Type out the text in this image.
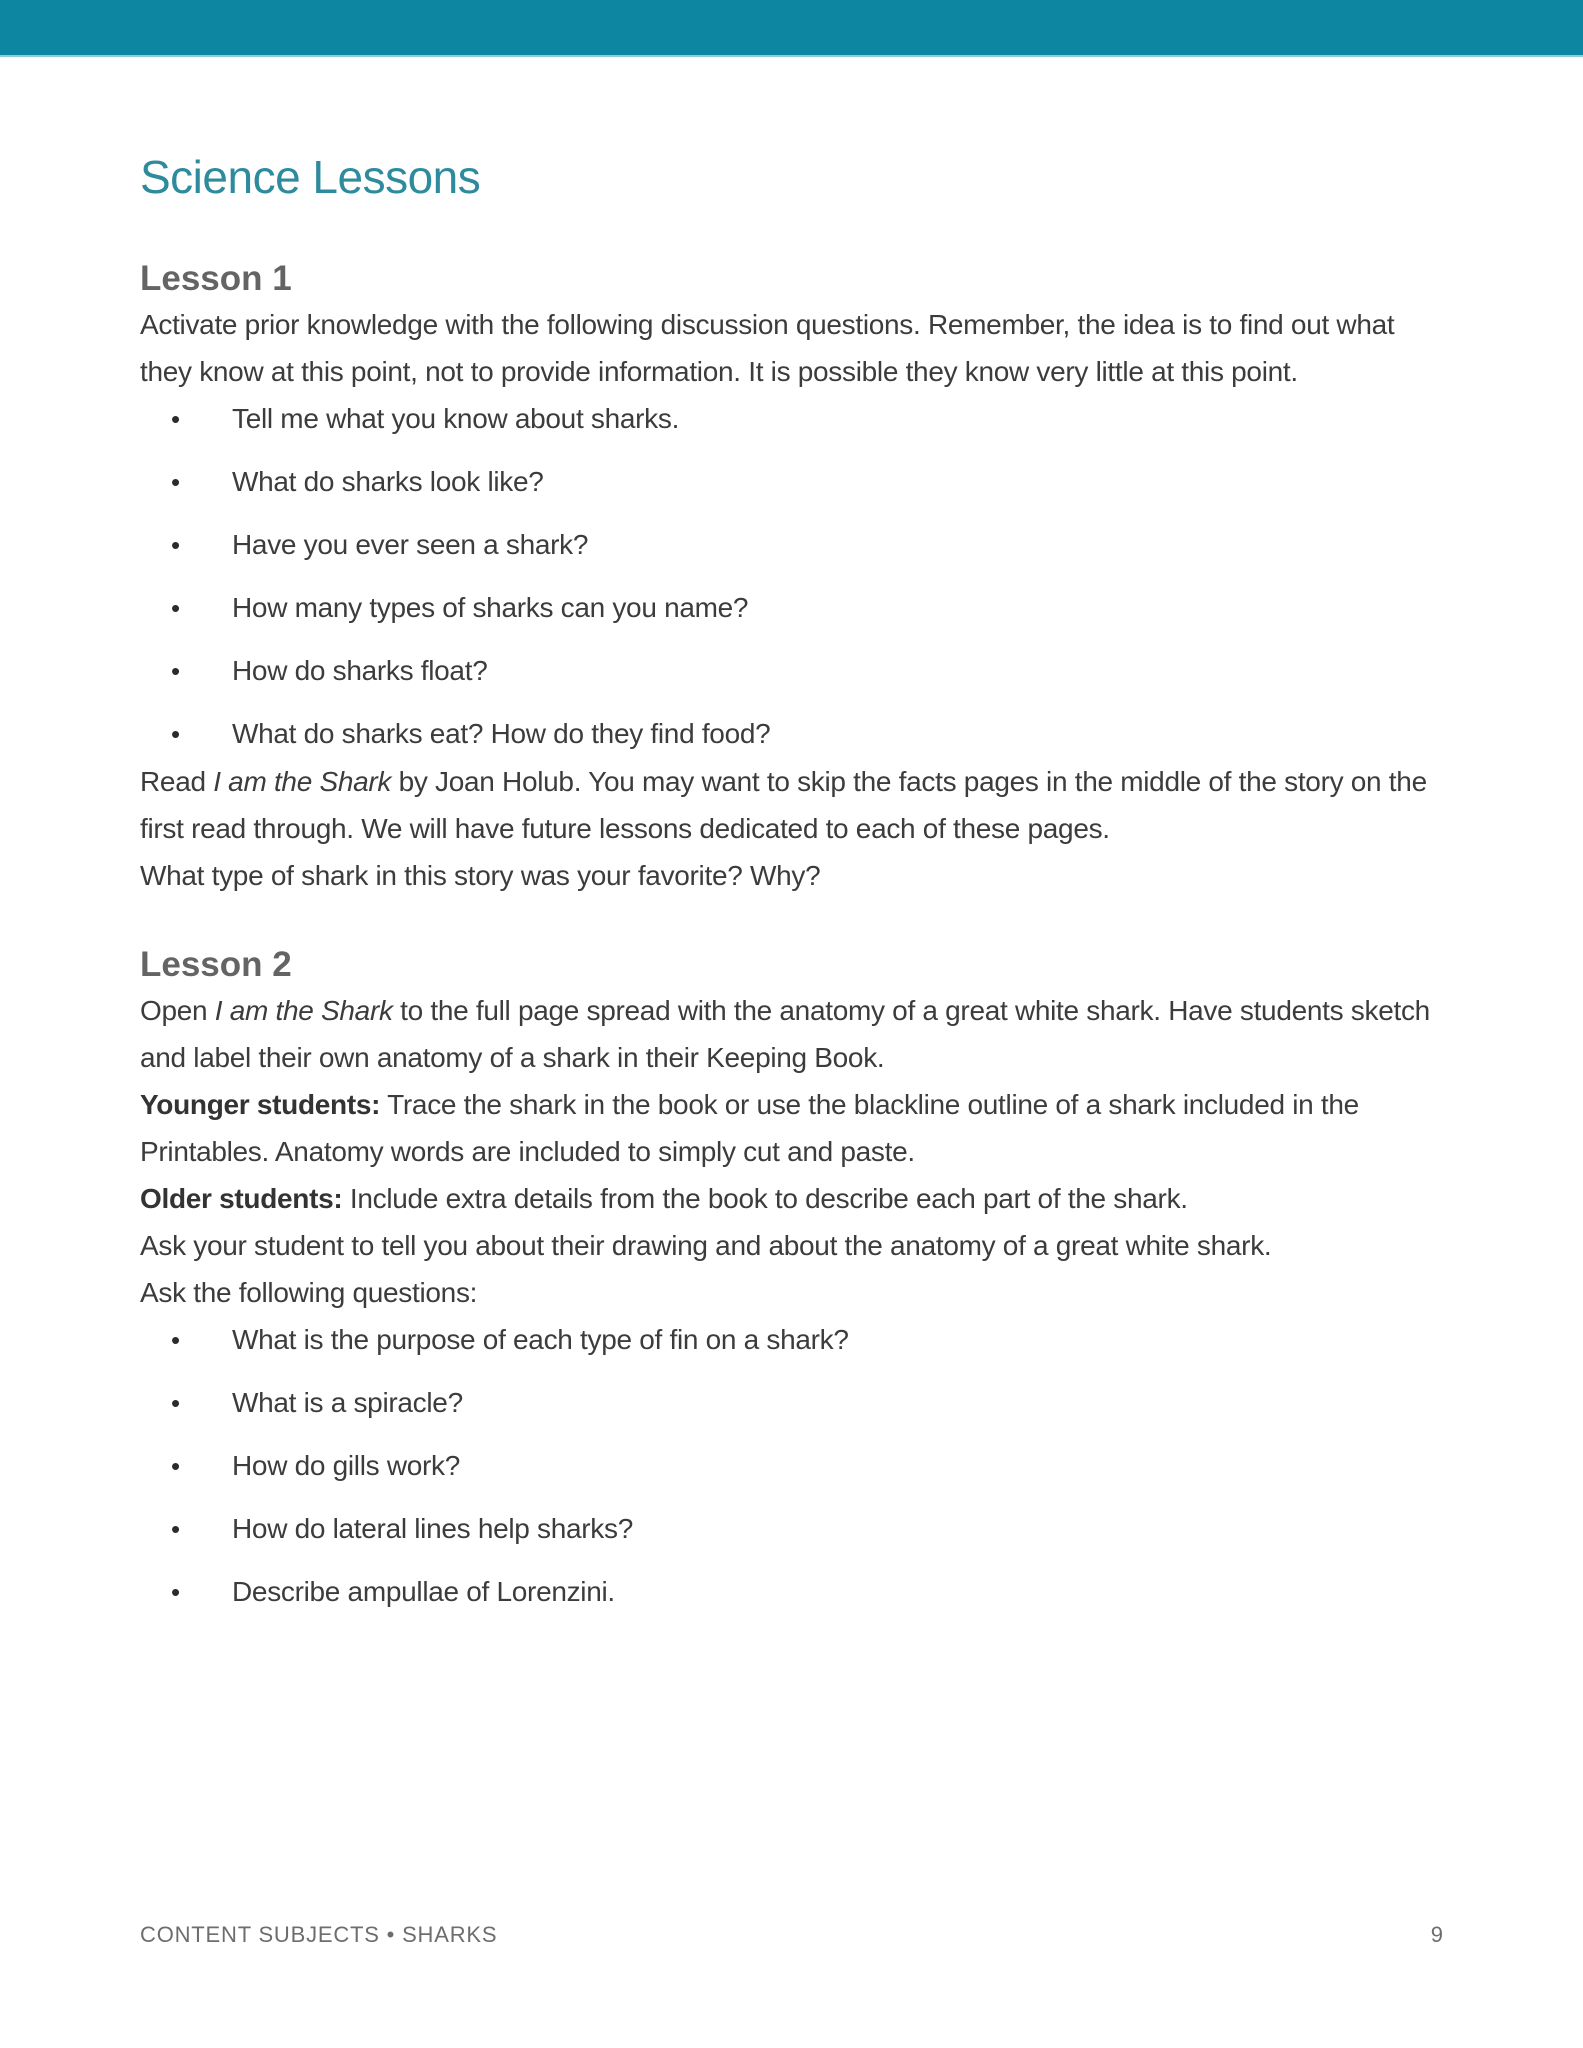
Science Lessons
Lesson 1

Activate prior knowledge with the following discussion questions. Remember, the idea is to find out what they know at this point, not to provide information. It is possible they know very little at this point.

•	Tell me what you know about sharks.
•	What do sharks look like?
•	Have you ever seen a shark?
•	How many types of sharks can you name?
•	How do sharks float?
•	What do sharks eat? How do they find food?

Read I am the Shark by Joan Holub. You may want to skip the facts pages in the middle of the story on the first read through. We will have future lessons dedicated to each of these pages.

What type of shark in this story was your favorite? Why?

Lesson 2

Open I am the Shark to the full page spread with the anatomy of a great white shark. Have students sketch and label their own anatomy of a shark in their Keeping Book.

Younger students: Trace the shark in the book or use the blackline outline of a shark included in the Printables. Anatomy words are included to simply cut and paste.

Older students: Include extra details from the book to describe each part of the shark.

Ask your student to tell you about their drawing and about the anatomy of a great white shark.

Ask the following questions:

•	What is the purpose of each type of fin on a shark?
•	What is a spiracle?
•	How do gills work?
•	How do lateral lines help sharks?
•	Describe ampullae of Lorenzini.
CONTENT SUBJECTS • SHARKS	9
